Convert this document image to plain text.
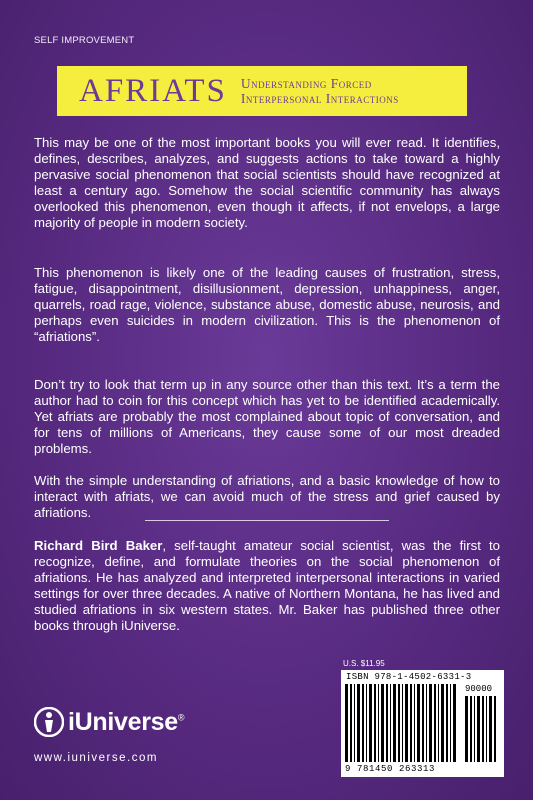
SELF IMPROVEMENT
AFRIATS Understanding Forced
Interpersonal Interactions

This may be one of the most important books you will ever read. It identifies, defines, describes, analyzes, and suggests actions to take toward a highly pervasive social phenomenon that social scientists should have recognized at least a century ago. Somehow the social scientific community has always overlooked this phenomenon, even though it affects, if not envelops, a large majority of people in modern society.

This phenomenon is likely one of the leading causes of frustration, stress, fatigue, disappointment, disillusionment, depression, unhappiness, anger, quarrels, road rage, violence, substance abuse, domestic abuse, neurosis, and perhaps even suicides in modern civilization. This is the phenomenon of “afriations”.

Don’t try to look that term up in any source other than this text. It’s a term the author had to coin for this concept which has yet to be identified academically. Yet afriats are probably the most complained about topic of conversation, and for tens of millions of Americans, they cause some of our most dreaded problems.

With the simple understanding of afriations, and a basic knowledge of how to interact with afriats, we can avoid much of the stress and grief caused by afriations.

Richard Bird Baker, self-taught amateur social scientist, was the first to recognize, define, and formulate theories on the social phenomenon of afriations. He has analyzed and interpreted interpersonal interactions in varied settings for over three decades. A native of Northern Montana, he has lived and studied afriations in six western states. Mr. Baker has published three other books through iUniverse.

U.S. $11.95
ISBN 978-1-4502-6331-3
90000
9 781450 263313
iUniverse®
www.iuniverse.com
